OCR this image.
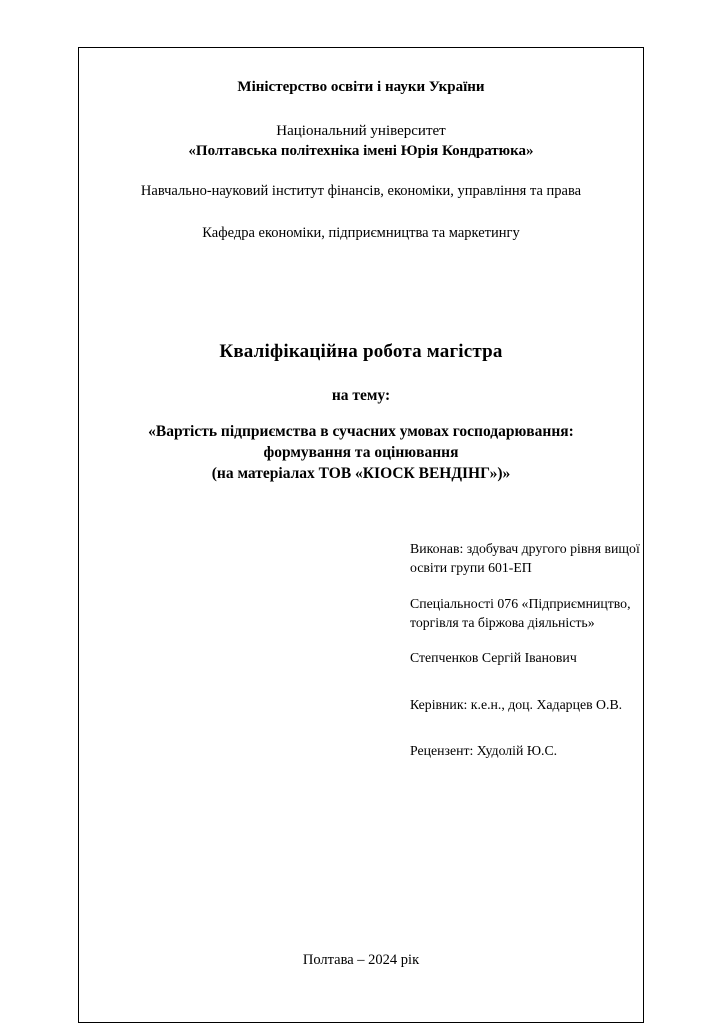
Міністерство освіти і науки України
Національний університет
«Полтавська політехніка імені Юрія Кондратюка»
Навчально-науковий інститут фінансів, економіки, управління та права
Кафедра економіки, підприємництва та маркетингу
Кваліфікаційна робота магістра
на тему:
«Вартість підприємства в сучасних умовах господарювання:
формування та оцінювання
(на матеріалах ТОВ «КІОСК ВЕНДІНГ»)»
Виконав: здобувач другого рівня вищої
освіти групи 601-ЕП
Спеціальності 076 «Підприємництво,
торгівля та біржова діяльність»
Степченков Сергій Іванович
Керівник: к.е.н., доц. Хадарцев О.В.
Рецензент: Худолій Ю.С.
Полтава – 2024 рік
